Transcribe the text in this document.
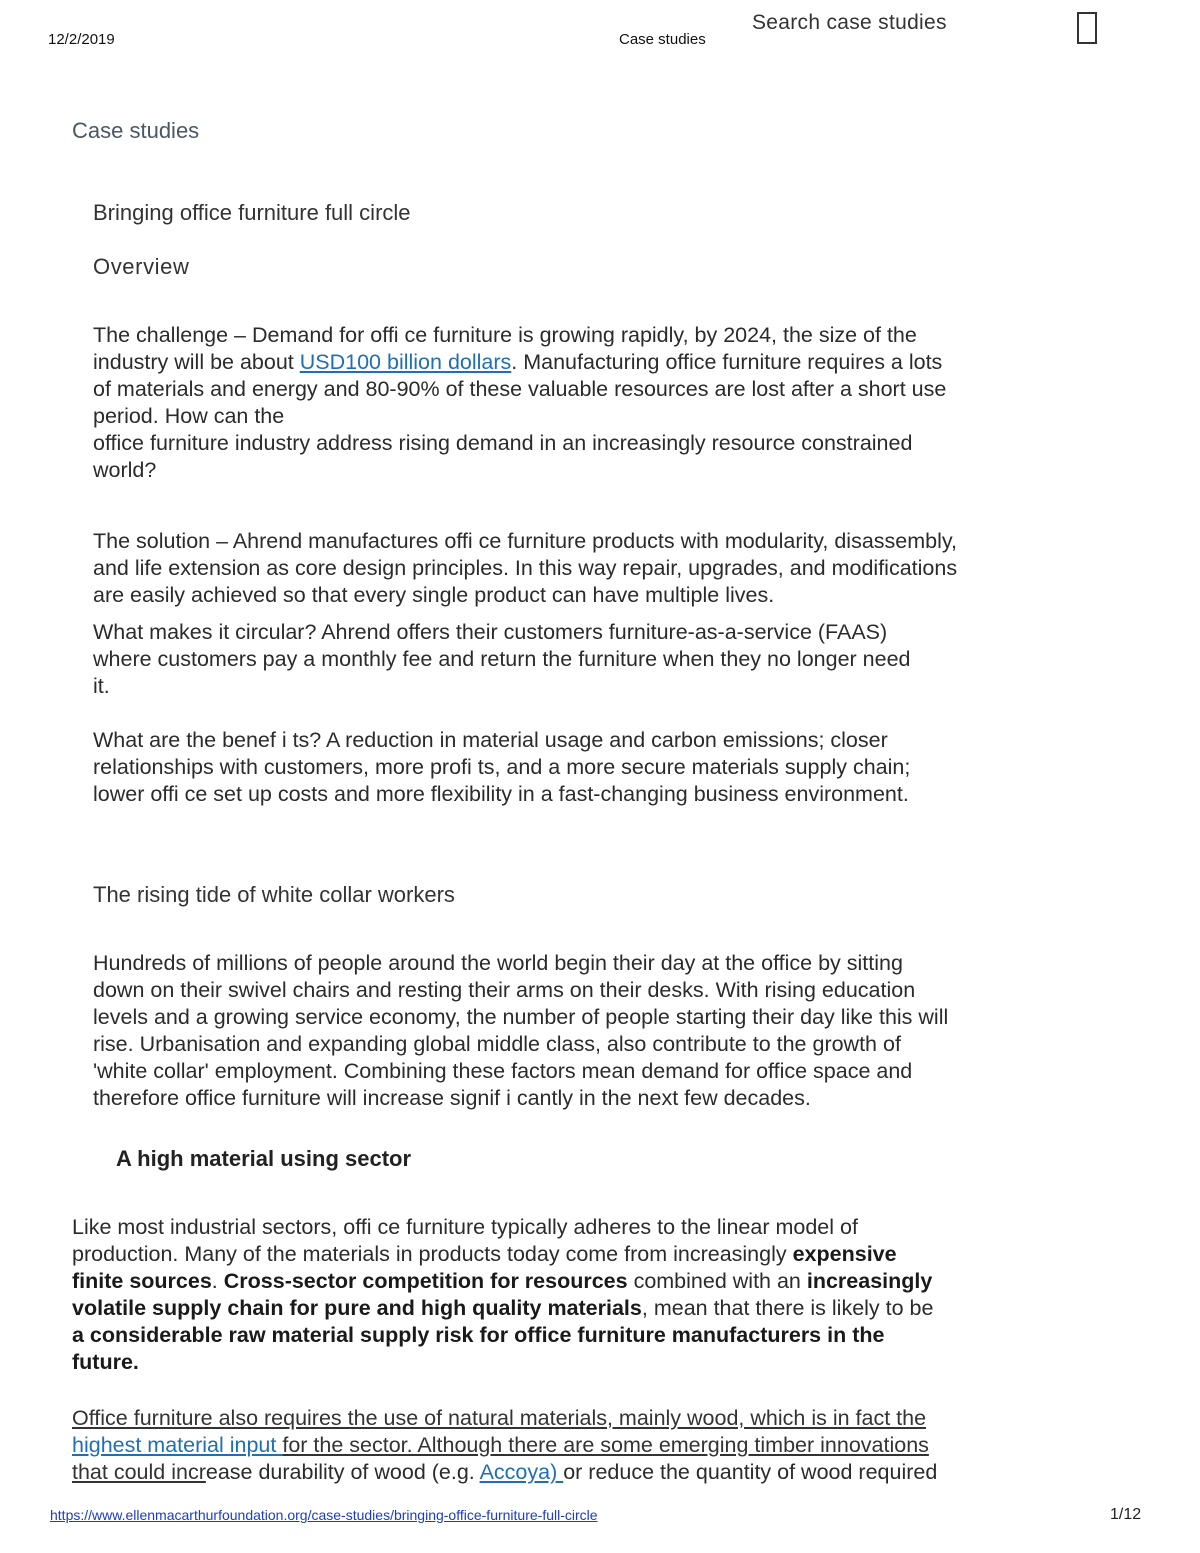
12/2/2019	Case studies
Search case studies
Case studies
Bringing office furniture full circle
Overview

The challenge – Demand for offi ce furniture is growing rapidly, by 2024, the size of the

industry will be about USD100 billion dollars. Manufacturing office furniture requires a lots

of materials and energy and 80-90% of these valuable resources are lost after a short use

period. How can the

office furniture industry address rising demand in an increasingly resource constrained

world?

The solution – Ahrend manufactures offi ce furniture products with modularity, disassembly,

and life extension as core design principles. In this way repair, upgrades, and modifications

are easily achieved so that every single product can have multiple lives.

What makes it circular? Ahrend offers their customers furniture-as-a-service (FAAS)

where customers pay a monthly fee and return the furniture when they no longer need

it.

What are the benef i ts? A reduction in material usage and carbon emissions; closer

relationships with customers, more profi ts, and a more secure materials supply chain;

lower offi ce set up costs and more flexibility in a fast-changing business environment.

The rising tide of white collar workers

Hundreds of millions of people around the world begin their day at the office by sitting

down on their swivel chairs and resting their arms on their desks. With rising education

levels and a growing service economy, the number of people starting their day like this will

rise. Urbanisation and expanding global middle class, also contribute to the growth of

'white collar' employment. Combining these factors mean demand for office space and

therefore office furniture will increase signif i cantly in the next few decades.

A high material using sector

Like most industrial sectors, offi ce furniture typically adheres to the linear model of

production. Many of the materials in products today come from increasingly expensive

finite sources. Cross-sector competition for resources combined with an increasingly

volatile supply chain for pure and high quality materials, mean that there is likely to be

a considerable raw material supply risk for office furniture manufacturers in the

future.

Office furniture also requires the use of natural materials, mainly wood, which is in fact the

highest material input for the sector. Although there are some emerging timber innovations

that could increase durability of wood (e.g. Accoya) or reduce the quantity of wood required

https://www.ellenmacarthurfoundation.org/case-studies/bringing-office-furniture-full-circle	1/12
